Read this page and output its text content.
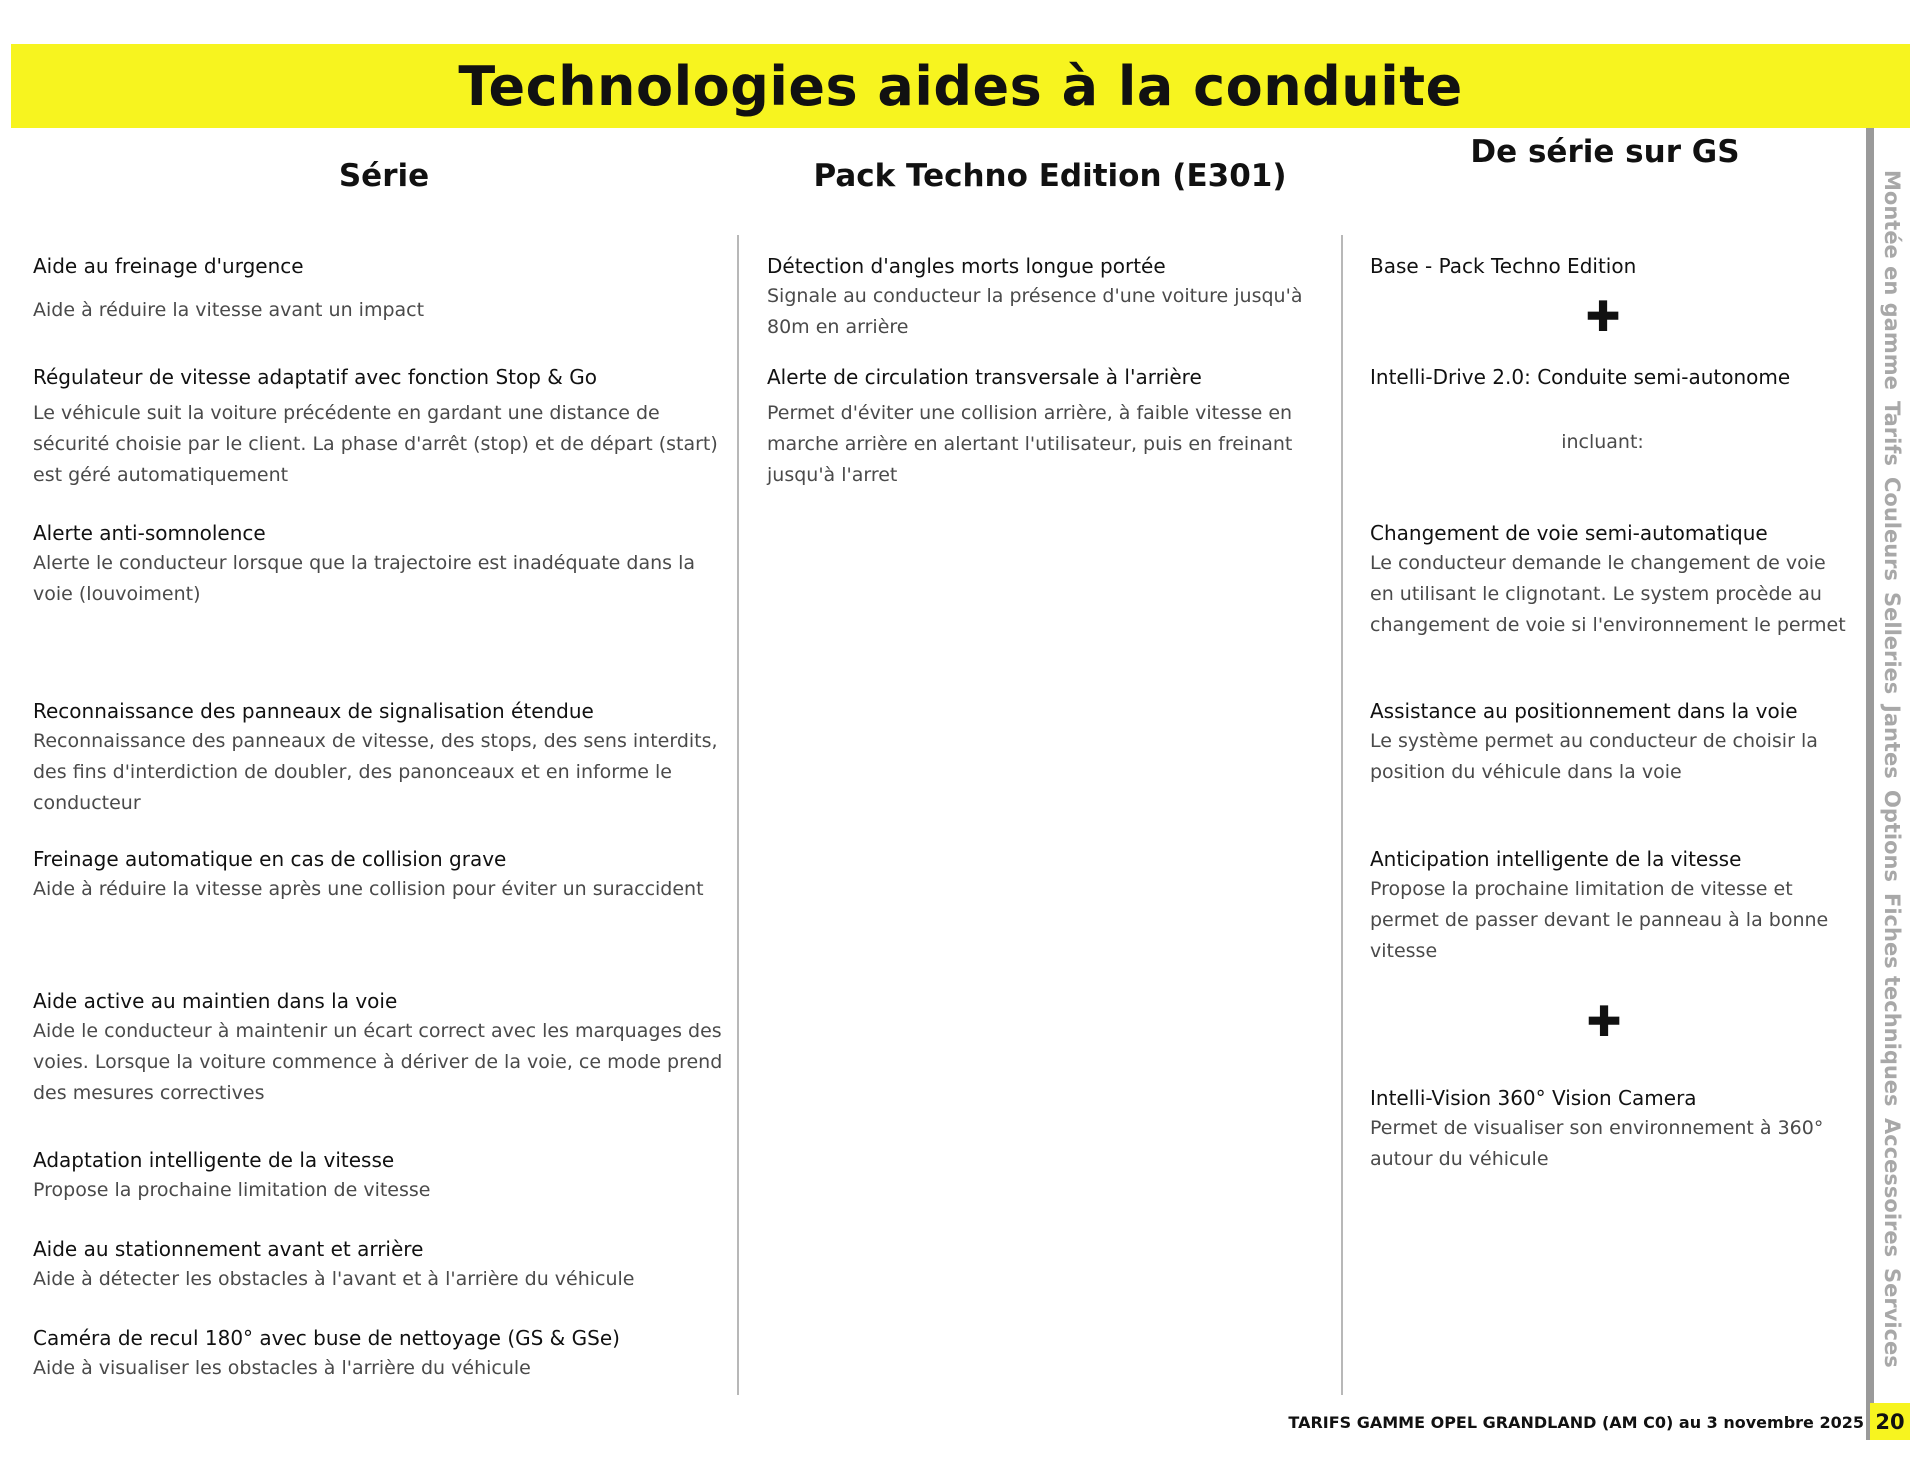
Technologies aides à la conduite
Série	Pack Techno Edition (E301)
De série sur GS

Aide au freinage d'urgence

Aide à réduire la vitesse avant un impact

Régulateur de vitesse adaptatif avec fonction Stop & Go

Le véhicule suit la voiture précédente en gardant une distance de sécurité choisie par le client. La phase d'arrêt (stop) et de départ (start) est géré automatiquement

Alerte anti-somnolence

Alerte le conducteur lorsque que la trajectoire est inadéquate dans la voie (louvoiment)

Reconnaissance des panneaux de signalisation étendue

Reconnaissance des panneaux de vitesse, des stops, des sens interdits, des fins d'interdiction de doubler, des panonceaux et en informe le conducteur

Freinage automatique en cas de collision grave

Aide à réduire la vitesse après une collision pour éviter un suraccident

Aide active au maintien dans la voie

Aide le conducteur à maintenir un écart correct avec les marquages des voies. Lorsque la voiture commence à dériver de la voie, ce mode prend des mesures correctives

Adaptation intelligente de la vitesse

Propose la prochaine limitation de vitesse

Aide au stationnement avant et arrière

Aide à détecter les obstacles à l'avant et à l'arrière du véhicule

Caméra de recul 180° avec buse de nettoyage (GS & GSe)

Aide à visualiser les obstacles à l'arrière du véhicule

Détection d'angles morts longue portée

Signale au conducteur la présence d'une voiture jusqu'à 80m en arrière

Alerte de circulation transversale à l'arrière

Permet d'éviter une collision arrière, à faible vitesse en marche arrière en alertant l'utilisateur, puis en freinant jusqu'à l'arret

Base - Pack Techno Edition

✚

Intelli-Drive 2.0: Conduite semi-autonome

incluant:

Changement de voie semi-automatique

Le conducteur demande le changement de voie en utilisant le clignotant. Le system procède au changement de voie si l'environnement le permet

Assistance au positionnement dans la voie

Le système permet au conducteur de choisir la position du véhicule dans la voie

Anticipation intelligente de la vitesse

Propose la prochaine limitation de vitesse et permet de passer devant le panneau à la bonne vitesse

✚

Intelli-Vision 360° Vision Camera

Permet de visualiser son environnement à 360° autour du véhicule

Montée en gamme
Tarifs
Couleurs
Selleries
Jantes
Options
Fiches techniques
Accessoires
Services
TARIFS GAMME OPEL GRANDLAND (AM C0) au 3 novembre 2025 20
